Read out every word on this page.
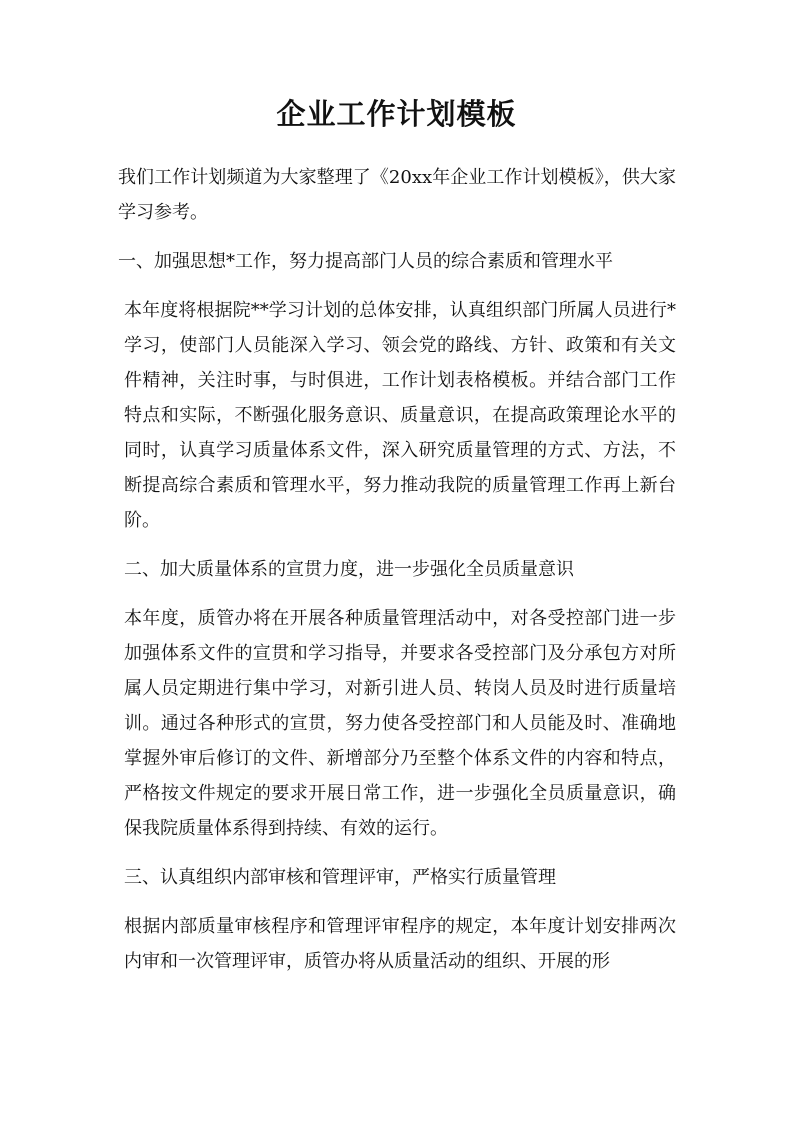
企业工作计划模板

我们工作计划频道为大家整理了《20xx年企业工作计划模板》，供大家学习参考。

一、加强思想*工作，努力提高部门人员的综合素质和管理水平

本年度将根据院**学习计划的总体安排，认真组织部门所属人员进行*学习，使部门人员能深入学习、领会党的路线、方针、政策和有关文件精神，关注时事，与时俱进，工作计划表格模板。并结合部门工作特点和实际，不断强化服务意识、质量意识，在提高政策理论水平的同时，认真学习质量体系文件，深入研究质量管理的方式、方法，不断提高综合素质和管理水平，努力推动我院的质量管理工作再上新台阶。

二、加大质量体系的宣贯力度，进一步强化全员质量意识

本年度，质管办将在开展各种质量管理活动中，对各受控部门进一步加强体系文件的宣贯和学习指导，并要求各受控部门及分承包方对所属人员定期进行集中学习，对新引进人员、转岗人员及时进行质量培训。通过各种形式的宣贯，努力使各受控部门和人员能及时、准确地掌握外审后修订的文件、新增部分乃至整个体系文件的内容和特点，严格按文件规定的要求开展日常工作，进一步强化全员质量意识，确保我院质量体系得到持续、有效的运行。

三、认真组织内部审核和管理评审，严格实行质量管理

根据内部质量审核程序和管理评审程序的规定，本年度计划安排两次内审和一次管理评审，质管办将从质量活动的组织、开展的形
